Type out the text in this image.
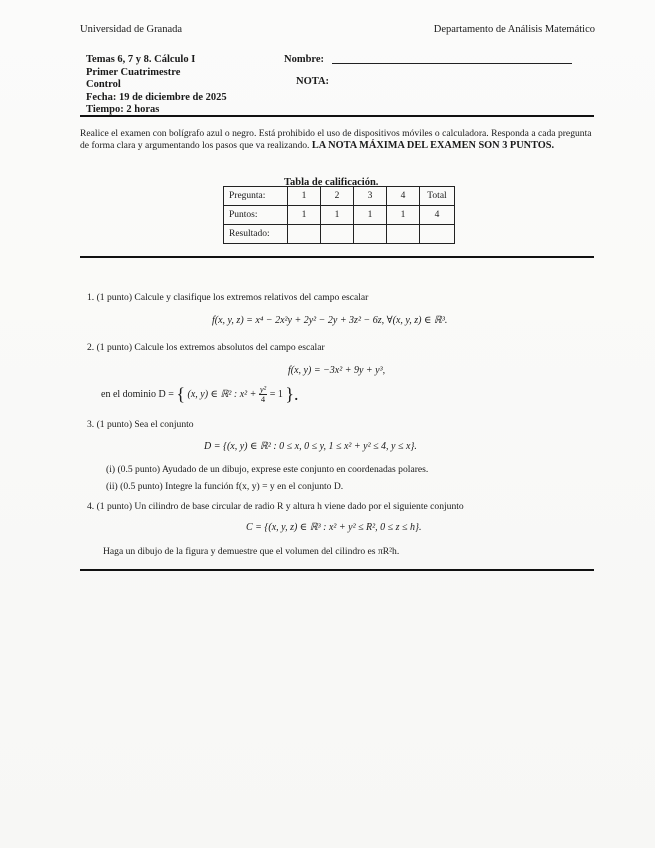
Universidad de Granada	Departamento de Análisis Matemático
Temas 6, 7 y 8. Cálculo I
Primer Cuatrimestre
Control
Fecha: 19 de diciembre de 2025
Tiempo: 2 horas
Nombre:
NOTA:
Realice el examen con bolígrafo azul o negro. Está prohibido el uso de dispositivos móviles o calculadora. Responda a cada pregunta de forma clara y argumentando los pasos que va realizando. LA NOTA MÁXIMA DEL EXAMEN SON 3 PUNTOS.
Tabla de calificación.
Pregunta:	1	2	3	4	Total
Puntos:	1	1	1	1	4
Resultado:					
1. (1 punto) Calcule y clasifique los extremos relativos del campo escalar
f(x, y, z) = x⁴ − 2x²y + 2y² − 2y + 3z² − 6z, ∀(x, y, z) ∈ ℝ³.
2. (1 punto) Calcule los extremos absolutos del campo escalar
f(x, y) = −3x² + 9y + y³,
en el dominio D = { (x, y) ∈ ℝ² : $x^2 + \frac{\text{y²}}{4} = 1$ }.
3. (1 punto) Sea el conjunto
D = {(x, y) ∈ ℝ² : 0 ≤ x, 0 ≤ y, 1 ≤ x² + y² ≤ 4, y ≤ x}.
(i) (0.5 punto) Ayudado de un dibujo, exprese este conjunto en coordenadas polares.
(ii) (0.5 punto) Integre la función f(x, y) = y en el conjunto D.
4. (1 punto) Un cilindro de base circular de radio R y altura h viene dado por el siguiente conjunto
C = {(x, y, z) ∈ ℝ³ : x² + y² ≤ R², 0 ≤ z ≤ h}.
Haga un dibujo de la figura y demuestre que el volumen del cilindro es πR²h.
